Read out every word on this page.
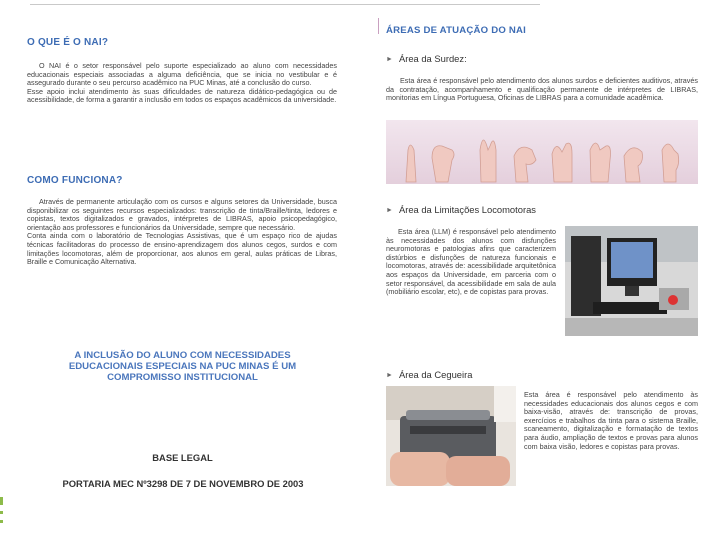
O QUE É O NAI?

O NAI é o setor responsável pelo suporte especializado ao aluno com necessidades educacionais especiais associadas a alguma deficiência, que se inicia no vestibular e é assegurado durante o seu percurso acadêmico na PUC Minas, até a conclusão do curso.

Esse apoio inclui atendimento às suas dificuldades de natureza didático-pedagógica ou de acessibilidade, de forma a garantir a inclusão em todos os espaços acadêmicos da universidade.

COMO FUNCIONA?

Através de permanente articulação com os cursos e alguns setores da Universidade, busca disponibilizar os seguintes recursos especializados: transcrição de tinta/Braille/tinta, ledores e copistas, textos digitalizados e gravados, intérpretes de LIBRAS, apoio psicopedagógico, orientação aos professores e funcionários da Universidade, sempre que necessário.

Conta ainda com o laboratório de Tecnologias Assistivas, que é um espaço rico de ajudas técnicas facilitadoras do processo de ensino-aprendizagem dos alunos cegos, surdos e com limitações locomotoras, além de proporcionar, aos alunos em geral, aulas práticas de Libras, Braille e Comunicação Alternativa.

A INCLUSÃO DO ALUNO COM NECESSIDADES EDUCACIONAIS ESPECIAIS NA PUC MINAS É UM COMPROMISSO INSTITUCIONAL
BASE LEGAL
PORTARIA MEC Nº3298 DE 7 DE NOVEMBRO DE 2003
ÁREAS DE ATUAÇÃO DO NAI
► Área da Surdez:

Esta área é responsável pelo atendimento dos alunos surdos e deficientes auditivos, através da contratação, acompanhamento e qualificação permanente de intérpretes de LIBRAS, monitorias em Língua Portuguesa, Oficinas de LIBRAS para a comunidade acadêmica.

► Área da Limitações Locomotoras

Esta área (LLM) é responsável pelo atendimento às necessidades dos alunos com disfunções neuromotoras e patologias afins que caracterizem distúrbios e disfunções de natureza funcionais e locomotoras, através de: acessibilidade arquitetônica aos espaços da Universidade, em parceria com o setor responsável, da acessibilidade em sala de aula (mobiliário escolar, etc), e de copistas para provas.

► Área da Cegueira

Esta área é responsável pelo atendimento às necessidades educacionais dos alunos cegos e com baixa-visão, através de: transcrição de provas, exercícios e trabalhos da tinta para o sistema Braille, scaneamento, digitalização e formatação de textos para áudio, ampliação de textos e provas para alunos com baixa visão, ledores e copistas para provas.
